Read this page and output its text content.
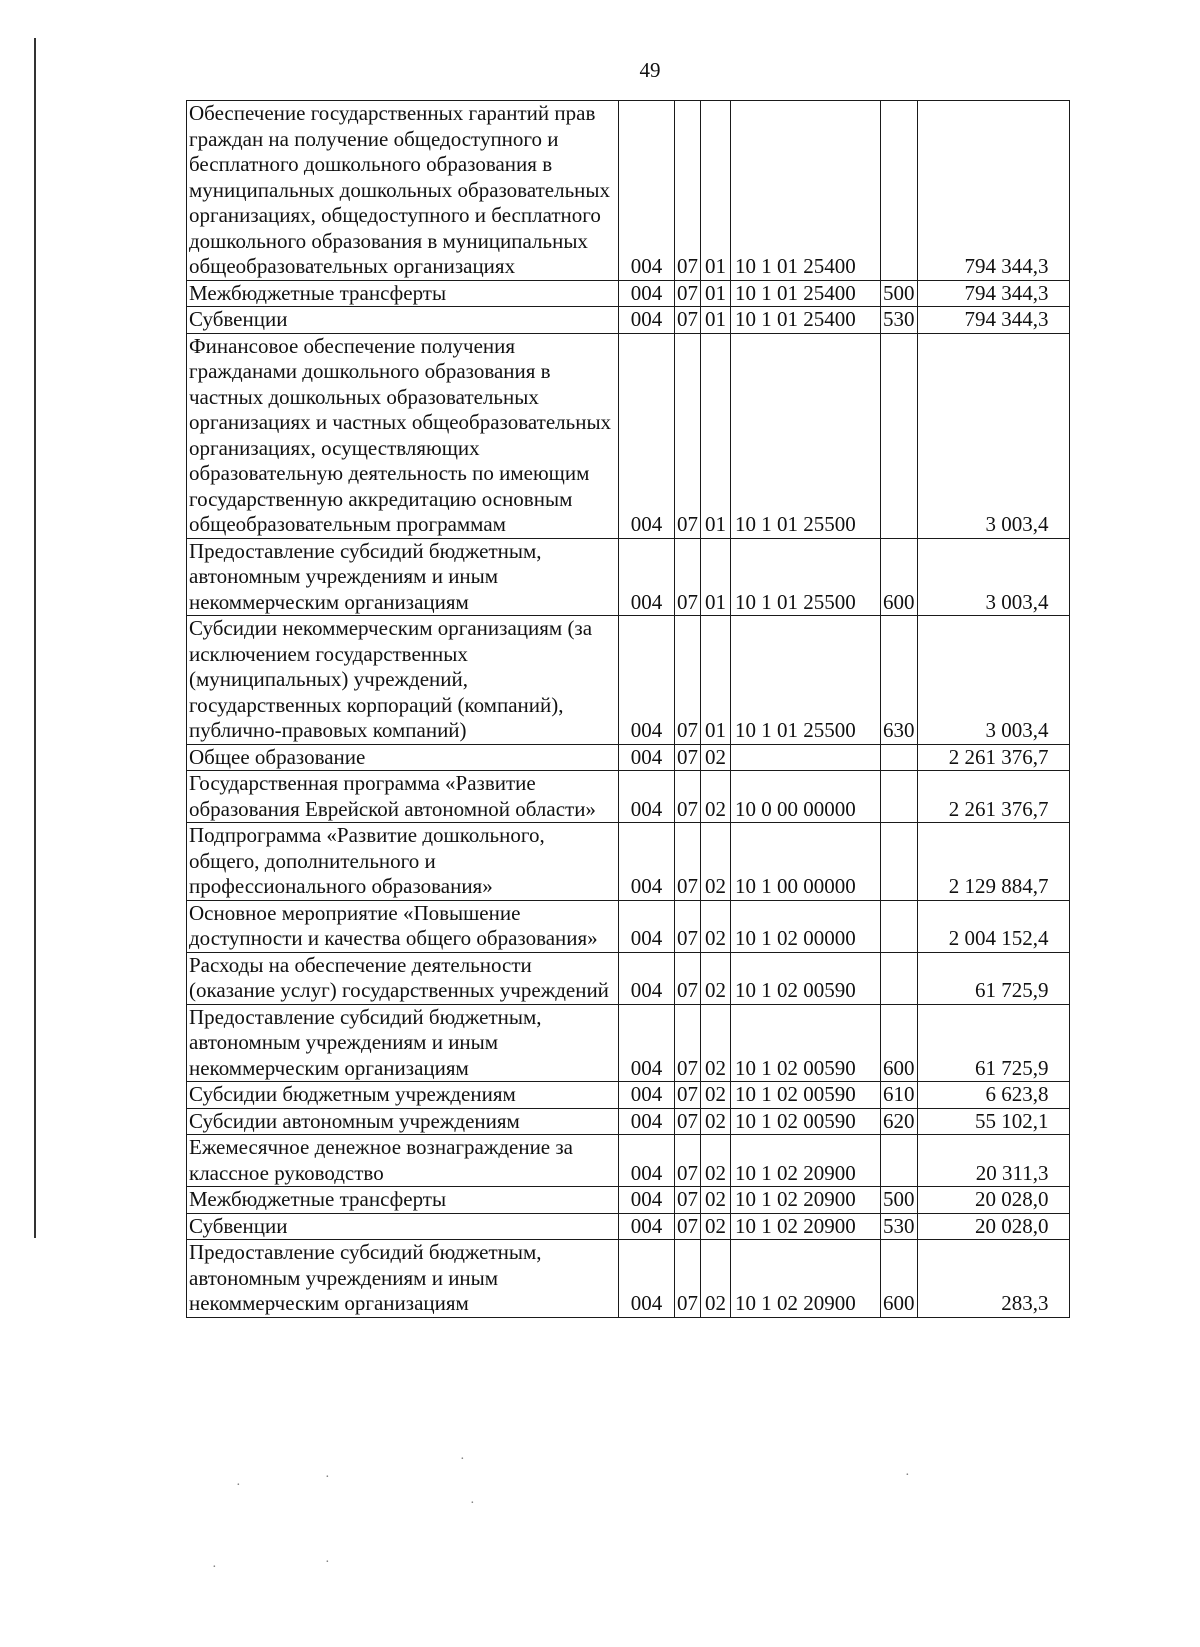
49
Обеспечение государственных гарантий прав граждан на получение общедоступного и бесплатного дошкольного образования в муниципальных дошкольных образовательных организациях, общедоступного и бесплатного дошкольного образования в муниципальных общеобразовательных организациях	004	07	01	10 1 01 25400		794 344,3
Межбюджетные трансферты	004	07	01	10 1 01 25400	500	794 344,3
Субвенции	004	07	01	10 1 01 25400	530	794 344,3
Финансовое обеспечение получения гражданами дошкольного образования в частных дошкольных образовательных организациях и частных общеобразовательных организациях, осуществляющих образовательную деятельность по имеющим государственную аккредитацию основным общеобразовательным программам	004	07	01	10 1 01 25500		3 003,4
Предоставление субсидий бюджетным, автономным учреждениям и иным некоммерческим организациям	004	07	01	10 1 01 25500	600	3 003,4
Субсидии некоммерческим организациям (за исключением государственных (муниципальных) учреждений, государственных корпораций (компаний), публично-правовых компаний)	004	07	01	10 1 01 25500	630	3 003,4
Общее образование	004	07	02			2 261 376,7
Государственная программа «Развитие образования Еврейской автономной области»	004	07	02	10 0 00 00000		2 261 376,7
Подпрограмма «Развитие дошкольного, общего, дополнительного и профессионального образования»	004	07	02	10 1 00 00000		2 129 884,7
Основное мероприятие «Повышение доступности и качества общего образования»	004	07	02	10 1 02 00000		2 004 152,4
Расходы на обеспечение деятельности (оказание услуг) государственных учреждений	004	07	02	10 1 02 00590		61 725,9
Предоставление субсидий бюджетным, автономным учреждениям и иным некоммерческим организациям	004	07	02	10 1 02 00590	600	61 725,9
Субсидии бюджетным учреждениям	004	07	02	10 1 02 00590	610	6 623,8
Субсидии автономным учреждениям	004	07	02	10 1 02 00590	620	55 102,1
Ежемесячное денежное вознаграждение за классное руководство	004	07	02	10 1 02 20900		20 311,3
Межбюджетные трансферты	004	07	02	10 1 02 20900	500	20 028,0
Субвенции	004	07	02	10 1 02 20900	530	20 028,0
Предоставление субсидий бюджетным, автономным учреждениям и иным некоммерческим организациям	004	07	02	10 1 02 20900	600	283,3
·
·
·
·
·
·
·
